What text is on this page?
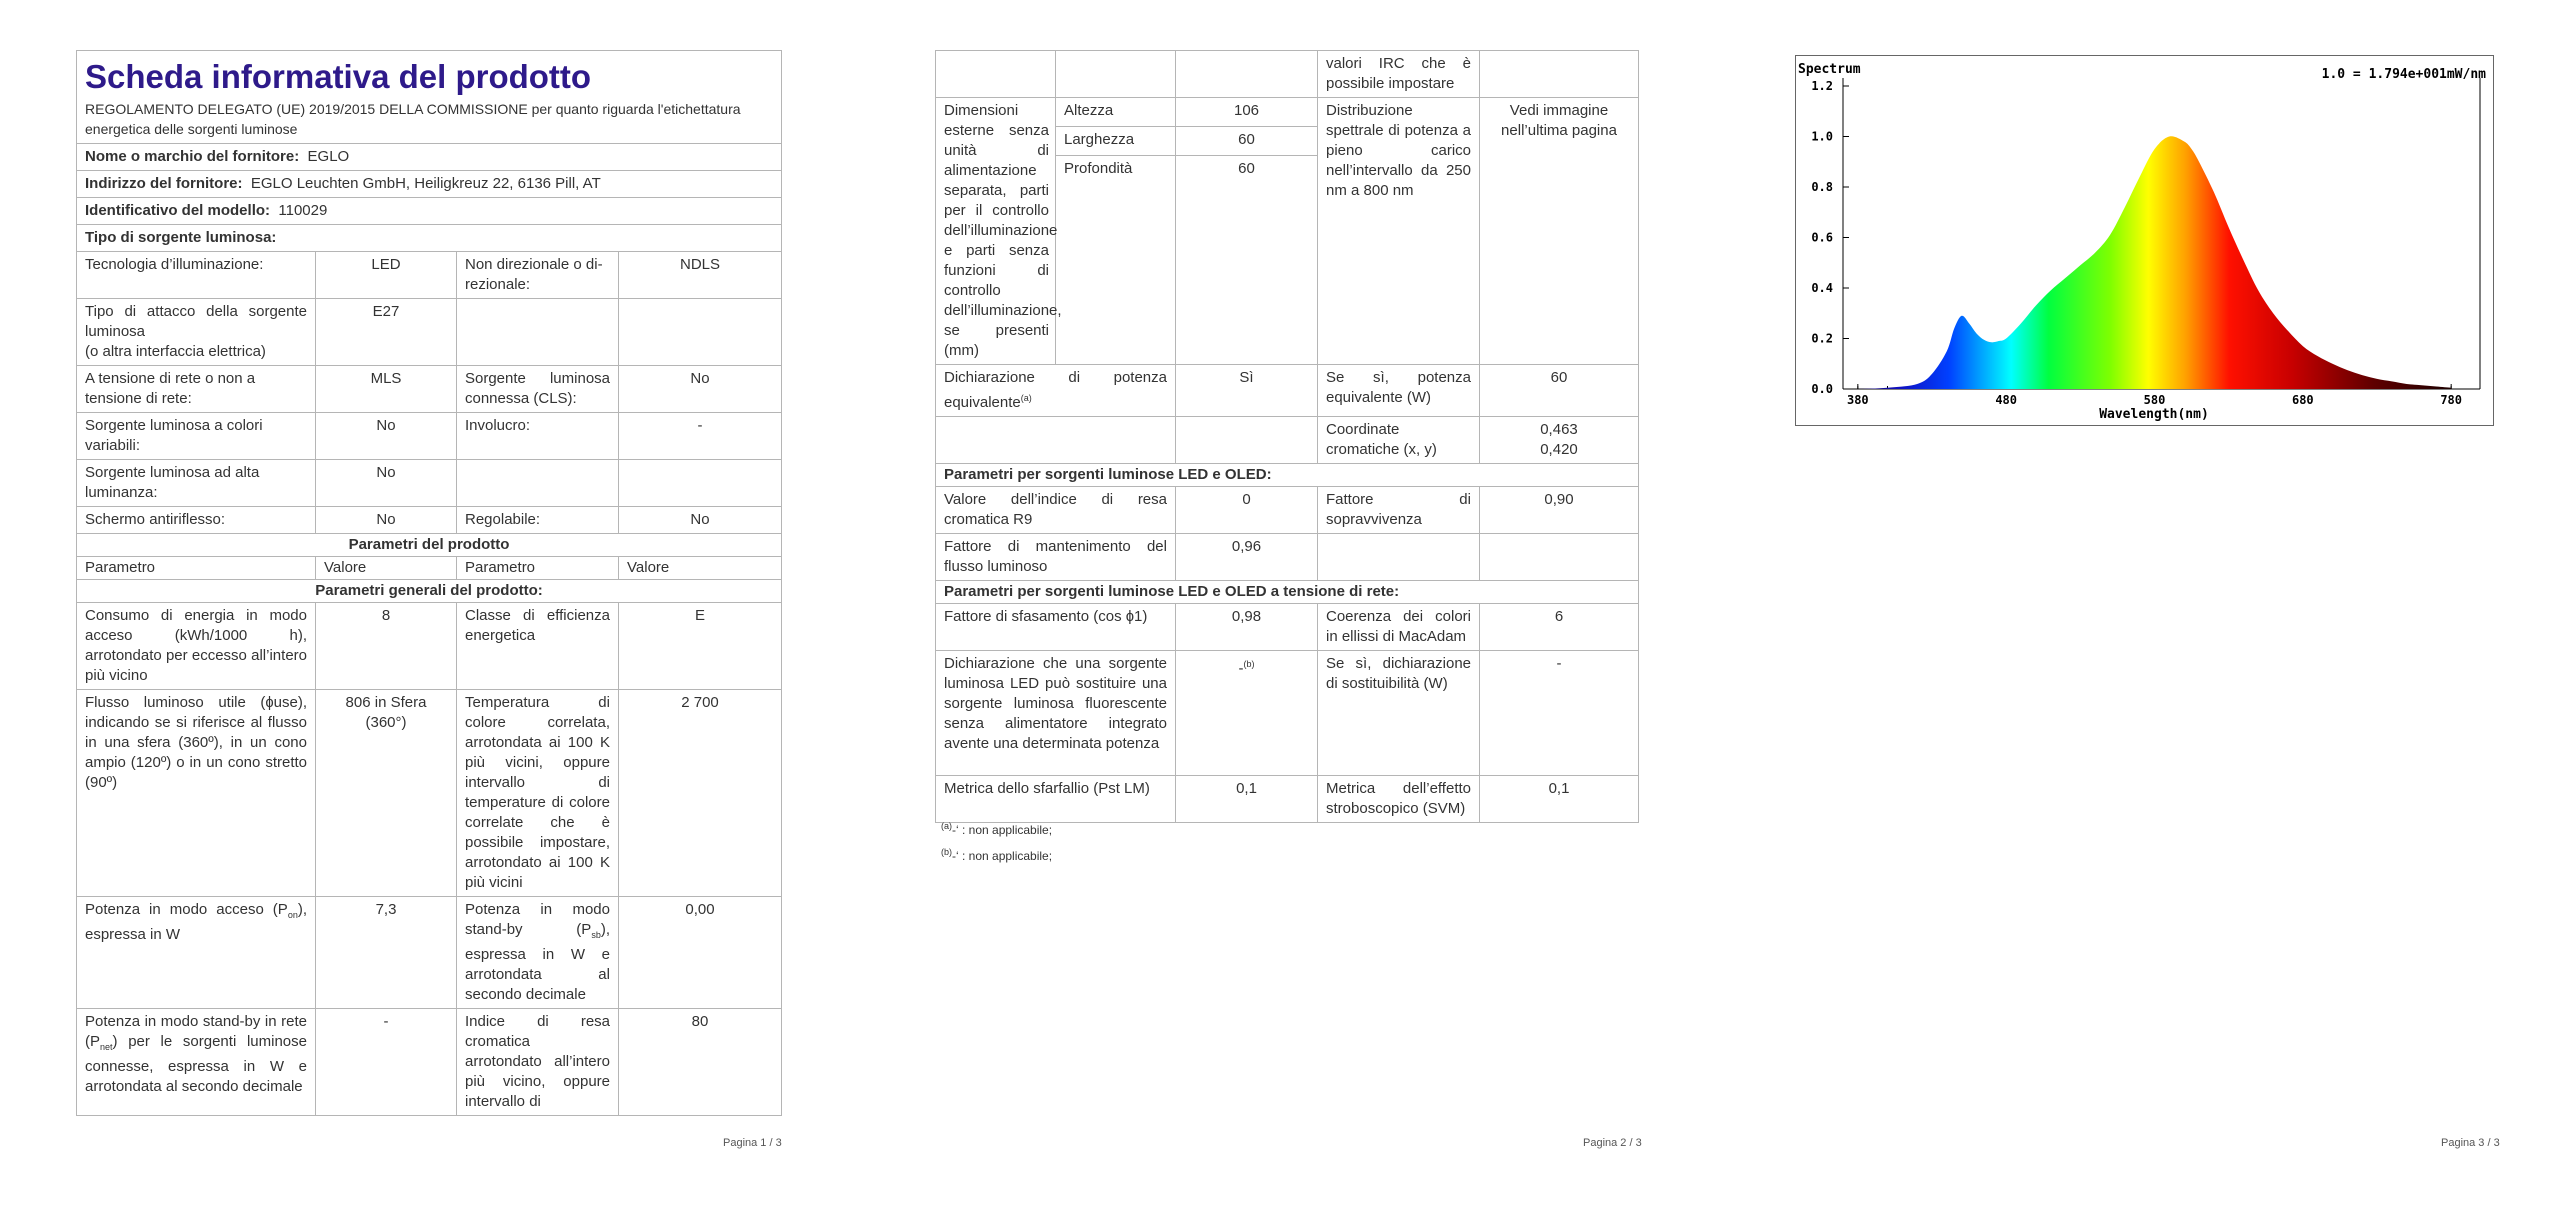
Scheda informativa del prodotto
REGOLAMENTO DELEGATO (UE) 2019/2015 DELLA COMMISSIONE per quanto riguarda l'etichettatura energetica delle sorgenti luminose			

Nome o marchio del fornitore: EGLO			
Indirizzo del fornitore: EGLO Leuchten GmbH, Heiligkreuz 22, 6136 Pill, AT			
Identificativo del modello: 110029			
Tipo di sorgente luminosa:			
Tecnologia d’illuminazione:	LED	Non direzionale o direzionale:	NDLS
Tipo di attacco della sorgente luminosa
(o altra interfaccia elettrica)	E27		
A tensione di rete o non a tensione di rete:	MLS	Sorgente luminosa connessa (CLS):	No
Sorgente luminosa a colori variabili:	No	Involucro:	-
Sorgente luminosa ad alta luminanza:	No		
Schermo antiriflesso:	No	Regolabile:	No
Parametri del prodotto			
Parametro	Valore	Parametro	Valore
Parametri generali del prodotto:			
Consumo di energia in modo acceso (kWh/1000 h), arrotondato per eccesso all’intero più vicino	8	Classe di efficienza energetica	E
Flusso luminoso utile (ɸuse), indicando se si riferisce al flusso in una sfera (360º), in un cono ampio (120º) o in un cono stretto (90º)	806 in Sfera (360°)	Temperatura di colore correlata, arrotondata ai 100 K più vicini, oppure intervallo di temperature di colore correlate che è possibile impostare, arrotondato ai 100 K più vicini	2 700
Potenza in modo acceso $(P_{on})$, espressa in W	7,3	Potenza in modo stand-by $(P_{sb})$, espressa in W e arrotondata al secondo decimale	0,00
Potenza in modo stand-by in rete $(P_{net})$ per le sorgenti luminose connesse, espressa in W e arrotondata al secondo decimale	-	Indice di resa cromatica arrotondato all’intero più vicino, oppure intervallo di	80
Pagina 1 / 3
			valori IRC che è possibile impostare	
Dimensioni esterne senza unità di alimentazione separata, parti per il controllo dell’illuminazione e parti senza funzioni di controllo dell’illuminazione, se presenti (mm)	Altezza	106	Distribuzione spettrale di potenza a pieno carico nell’intervallo da 250 nm a 800 nm	Vedi immagine nell’ultima pagina
	Larghezza	60		
	Profondità	60		
Dichiarazione di potenza equivalente$^{(a)}$		Sì	Se sì, potenza equivalente (W)	60
			Coordinate cromatiche (x, y)	0,463
0,420
Parametri per sorgenti luminose LED e OLED:				
Valore dell’indice di resa cromatica R9		0	Fattore di sopravvivenza	0,90
Fattore di mantenimento del flusso luminoso		0,96		
Parametri per sorgenti luminose LED e OLED a tensione di rete:				
Fattore di sfasamento (cos ɸ1)		0,98	Coerenza dei colori in ellissi di MacAdam	6
Dichiarazione che una sorgente luminosa LED può sostituire una sorgente luminosa fluorescente senza alimentatore integrato avente una determinata potenza		-$^{(b)}$	Se sì, dichiarazione di sostituibilità (W)	-
Metrica dello sfarfallio (Pst LM)		0,1	Metrica dell’effetto stroboscopico (SVM)	0,1
$^{(a)}$-‘ : non applicabile;
$^{(b)}$-‘ : non applicabile;
Pagina 2 / 3	Pagina 3 / 3
0.0
0.2
0.4
0.6
0.8
1.0
1.2
380	480	580	680	780
Spectrum	1.0 = 1.794e+001mW/nm
Wavelength(nm)
